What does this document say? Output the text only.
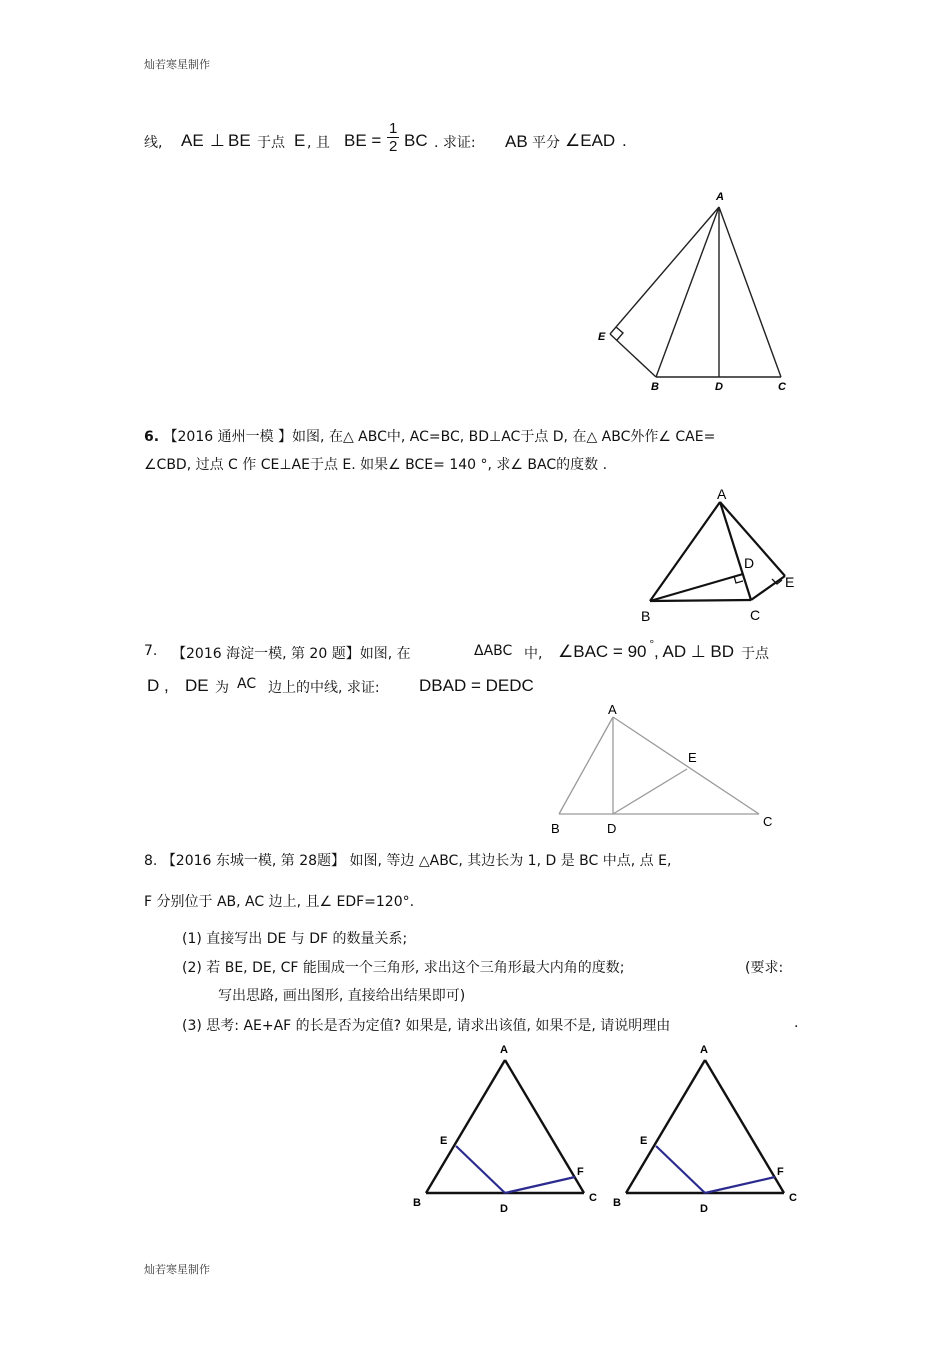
灿若寒星制作
灿若寒星制作
线, AE ⊥ BE 于点 E , 且 BE = $\frac{1}{2}$ BC . 求证: AB 平分 ∠EAD .
A
E
B	D	C
6. 【2016 通州一模 】如图, 在△ ABC中, AC=BC, BD⊥AC于点 D, 在△ ABC外作∠ CAE=
∠CBD, 过点 C 作 CE⊥AE于点 E. 如果∠ BCE= 140 °, 求∠ BAC的度数 .
A
D
E
B	C
7. 【2016 海淀一模, 第 20 题】如图, 在	ΔABC 中, ∠BAC = 90 ° , AD ⊥ BD 于点
D , DE 为 AC 边上的中线, 求证: DBAD = DEDC
A
E
B	D	C
8. 【2016 东城一模, 第 28题】 如图, 等边 △ABC, 其边长为 1, D 是 BC 中点, 点 E,
F 分别位于 AB, AC 边上, 且∠ EDF=120°.
(1) 直接写出 DE 与 DF 的数量关系;
(2) 若 BE, DE, CF 能围成一个三角形, 求出这个三角形最大内角的度数;	(要求:
写出思路, 画出图形, 直接给出结果即可)
(3) 思考: AE+AF 的长是否为定值? 如果是, 请求出该值, 如果不是, 请说明理由	.
A
E
F
B	D
C
A
E
F
B	D
C
